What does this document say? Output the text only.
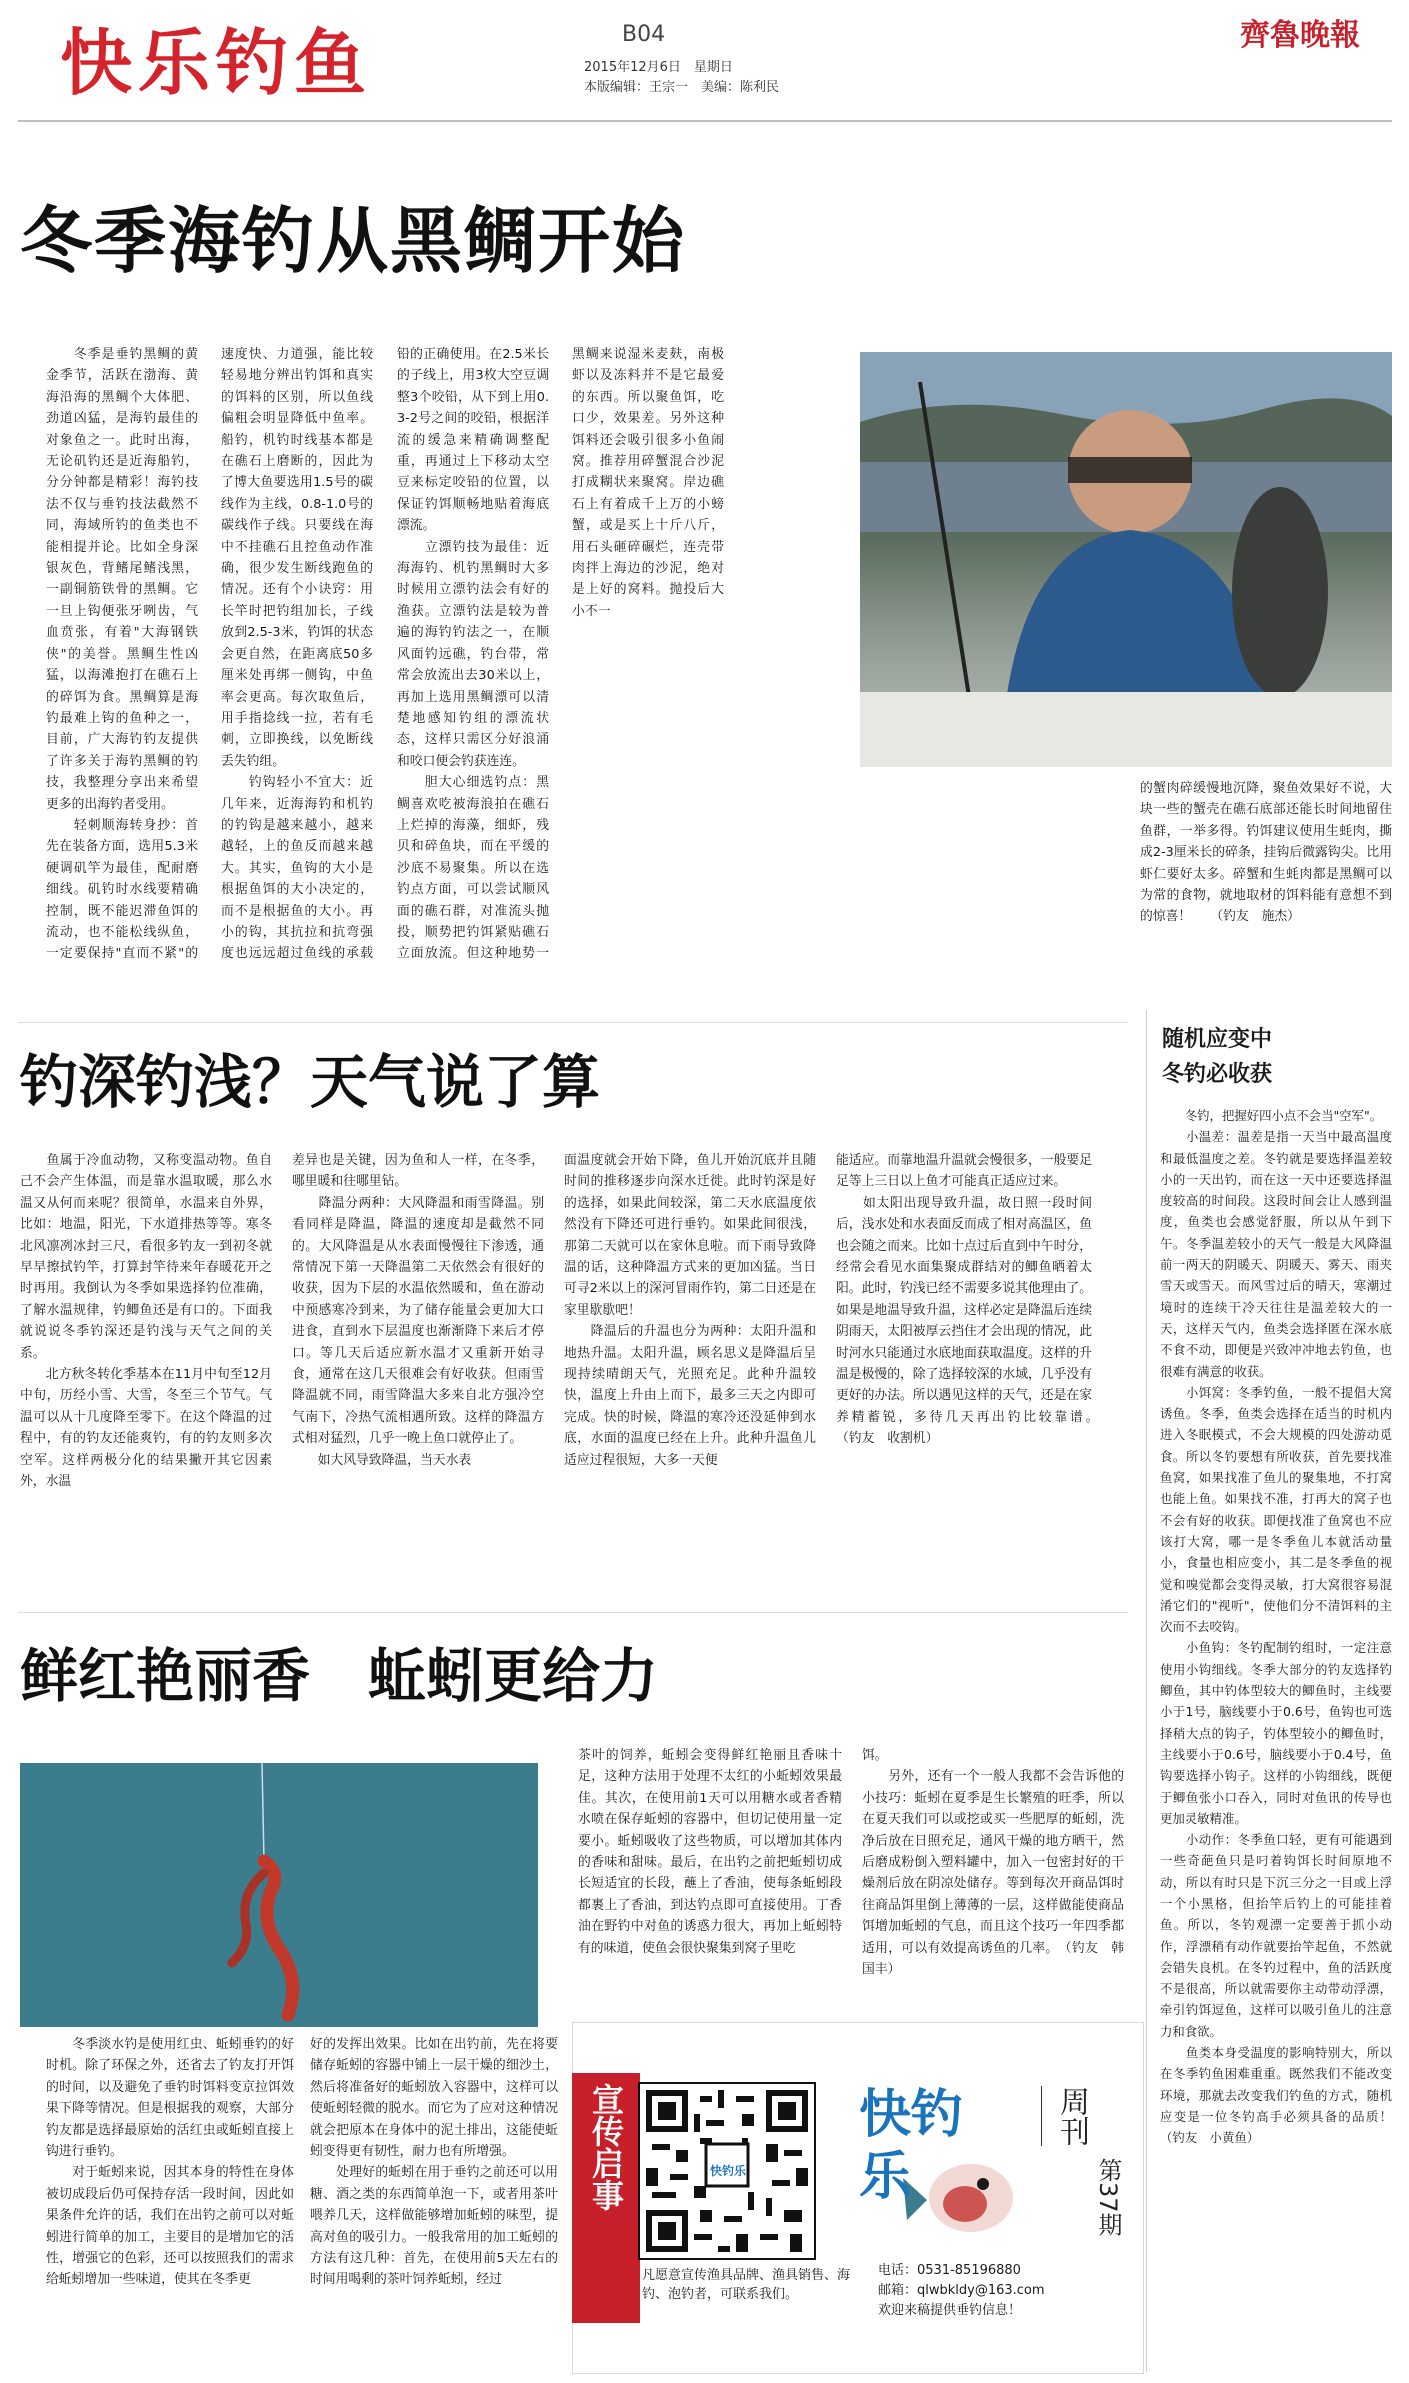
快乐钓鱼	B04
2015年12月6日　星期日
本版编辑：王宗一　美编：陈利民
齊魯晚報
冬季海钓从黑鲷开始
　　冬季是垂钓黑鲷的黄金季节，活跃在渤海、黄海沿海的黑鲷个大体肥、劲道凶猛，是海钓最佳的对象鱼之一。此时出海，无论矶钓还是近海船钓，分分钟都是精彩！海钓技法不仅与垂钓技法截然不同，海域所钓的鱼类也不能相提并论。比如全身深银灰色，背鳍尾鳍浅黑，一副铜筋铁骨的黑鲷。它一旦上钩便张牙咧齿，气血贲张，有着"大海钢铁侠"的美誉。黑鲷生性凶猛，以海滩抱打在礁石上的碎饵为食。黑鲷算是海钓最难上钩的鱼种之一，目前，广大海钓钓友提供了许多关于海钓黑鲷的钓技，我整理分享出来希望更多的出海钓者受用。
　　轻刺顺海转身抄：首先在装备方面，选用5.3米硬调矶竿为最佳，配耐磨细线。矶钓时水线要精确控制，既不能迟滞鱼饵的流动，也不能松线纵鱼，一定要保持"直而不紧"的

速度快、力道强，能比较轻易地分辨出钓饵和真实的饵料的区别，所以鱼线偏粗会明显降低中鱼率。船钓，机钓时线基本都是在礁石上磨断的，因此为了博大鱼要选用1.5号的碳线作为主线，0.8-1.0号的碳线作子线。只要线在海中不挂礁石且控鱼动作准确，很少发生断线跑鱼的情况。还有个小诀窍：用长竿时把钓组加长，子线放到2.5-3米，钓饵的状态会更自然，在距离底50多厘米处再绑一侧钩，中鱼率会更高。每次取鱼后，用手指捻线一拉，若有毛刺，立即换线，以免断线丢失钓组。
　　钓钩轻小不宜大：近几年来，近海海钓和机钓的钓钩是越来越小，越来越轻，上的鱼反而越来越大。其实，鱼钩的大小是根据鱼饵的大小决定的，而不是根据鱼的大小。再小的钩，其抗拉和抗弯强度也远远超过鱼线的承载

铅的正确使用。在2.5米长的子线上，用3枚大空豆调整3个咬铅，从下到上用0.3-2号之间的咬铅，根据洋流的缓急来精确调整配重，再通过上下移动太空豆来标定咬铅的位置，以保证钓饵顺畅地贴着海底漂流。
　　立漂钓技为最佳：近海海钓、机钓黑鲷时大多时候用立漂钓法会有好的渔获。立漂钓法是较为普遍的海钓钓法之一，在顺风面钓远礁，钓台带，常常会放流出去30米以上，再加上选用黑鲷漂可以清楚地感知钓组的漂流状态，这样只需区分好浪涌和咬口便会钓获连连。
　　胆大心细选钓点：黑鲷喜欢吃被海浪拍在礁石上烂掉的海藻，细虾，残贝和碎鱼块，而在平缓的沙底不易聚集。所以在选钓点方面，可以尝试顺风面的礁石群，对准流头抛投，顺势把钓饵紧贴礁石立面放流。但这种地势一

黑鲷来说湿米麦麸，南极虾以及冻料并不是它最爱的东西。所以聚鱼饵，吃口少，效果差。另外这种饵料还会吸引很多小鱼闹窝。推荐用碎蟹混合沙泥打成糊状来聚窝。岸边礁石上有着成千上万的小螃蟹，或是买上十斤八斤，用石头砸碎碾烂，连壳带肉拌上海边的沙泥，绝对是上好的窝料。抛投后大小不一
的蟹肉碎缓慢地沉降，聚鱼效果好不说，大块一些的蟹壳在礁石底部还能长时间地留住鱼群，一举多得。钓饵建议使用生蚝肉，撕成2-3厘米长的碎条，挂钩后微露钩尖。比用虾仁要好太多。碎蟹和生蚝肉都是黑鲷可以为常的食物，就地取材的饵料能有意想不到的惊喜！　　（钓友　施杰）
钓深钓浅？天气说了算
　　鱼属于冷血动物，又称变温动物。鱼自己不会产生体温，而是靠水温取暖，那么水温又从何而来呢？很简单，水温来自外界，比如：地温，阳光，下水道排热等等。寒冬北风凛冽冰封三尺，看很多钓友一到初冬就早早擦拭钓竿，打算封竿待来年春暖花开之时再用。我倒认为冬季如果选择钓位准确，了解水温规律，钓鲫鱼还是有口的。下面我就说说冬季钓深还是钓浅与天气之间的关系。
　　北方秋冬转化季基本在11月中旬至12月中旬，历经小雪、大雪，冬至三个节气。气温可以从十几度降至零下。在这个降温的过程中，有的钓友还能爽钓，有的钓友则多次空军。这样两极分化的结果撇开其它因素外，水温
差异也是关键，因为鱼和人一样，在冬季，哪里暖和往哪里钻。
　　降温分两种：大风降温和雨雪降温。别看同样是降温，降温的速度却是截然不同的。大风降温是从水表面慢慢往下渗透，通常情况下第一天降温第二天依然会有很好的收获，因为下层的水温依然暖和，鱼在游动中预感寒冷到来，为了储存能量会更加大口进食，直到水下层温度也渐渐降下来后才停口。等几天后适应新水温才又重新开始寻食，通常在这几天很难会有好收获。但雨雪降温就不同，雨雪降温大多来自北方强冷空气南下，冷热气流相遇所致。这样的降温方式相对猛烈，几乎一晚上鱼口就停止了。
　　如大风导致降温，当天水表
面温度就会开始下降，鱼儿开始沉底并且随时间的推移逐步向深水迁徙。此时钓深是好的选择，如果此间较深，第二天水底温度依然没有下降还可进行垂钓。如果此间很浅，那第二天就可以在家休息啦。而下雨导致降温的话，这种降温方式来的更加凶猛。当日可寻2米以上的深河冒雨作钓，第二日还是在家里歇歇吧！
　　降温后的升温也分为两种：太阳升温和地热升温。太阳升温，顾名思义是降温后呈现持续晴朗天气，光照充足。此种升温较快，温度上升由上而下，最多三天之内即可完成。快的时候，降温的寒冷还没延伸到水底，水面的温度已经在上升。此种升温鱼儿适应过程很短，大多一天便
能适应。而靠地温升温就会慢很多，一般要足足等上三日以上鱼才可能真正适应过来。
　　如太阳出现导致升温，故日照一段时间后，浅水处和水表面反而成了相对高温区，鱼也会随之而来。比如十点过后直到中午时分，经常会看见水面集聚成群结对的鲫鱼晒着太阳。此时，钓浅已经不需要多说其他理由了。如果是地温导致升温，这样必定是降温后连续阴雨天，太阳被厚云挡住才会出现的情况，此时河水只能通过水底地面获取温度。这样的升温是极慢的，除了选择较深的水域，几乎没有更好的办法。所以遇见这样的天气，还是在家养精蓄锐，多待几天再出钓比较靠谱。　　　　（钓友　收割机）
鲜红艳丽香　蚯蚓更给力
茶叶的饲养，蚯蚓会变得鲜红艳丽且香味十足，这种方法用于处理不太红的小蚯蚓效果最佳。其次，在使用前1天可以用糖水或者香精水喷在保存蚯蚓的容器中，但切记使用量一定要小。蚯蚓吸收了这些物质，可以增加其体内的香味和甜味。最后，在出钓之前把蚯蚓切成长短适宜的长段，蘸上了香油，使每条蚯蚓段都裹上了香油，到达钓点即可直接使用。丁香油在野钓中对鱼的诱惑力很大，再加上蚯蚓特有的味道，使鱼会很快聚集到窝子里吃
饵。
　　另外，还有一个一般人我都不会告诉他的小技巧：蚯蚓在夏季是生长繁殖的旺季，所以在夏天我们可以或挖或买一些肥厚的蚯蚓，洗净后放在日照充足，通风干燥的地方晒干，然后磨成粉倒入塑料罐中，加入一包密封好的干燥剂后放在阴凉处储存。等到每次开商品饵时往商品饵里倒上薄薄的一层，这样做能使商品饵增加蚯蚓的气息，而且这个技巧一年四季都适用，可以有效提高诱鱼的几率。　（钓友　韩国丰）
　　冬季淡水钓是使用红虫、蚯蚓垂钓的好时机。除了环保之外，还省去了钓友打开饵的时间，以及避免了垂钓时饵料变京拉饵效果下降等情况。但是根据我的观察，大部分钓友都是选择最原始的活红虫或蚯蚓直接上钩进行垂钓。
　　对于蚯蚓来说，因其本身的特性在身体被切成段后仍可保持存活一段时间，因此如果条件允许的话，我们在出钓之前可以对蚯蚓进行简单的加工，主要目的是增加它的活性，增强它的色彩，还可以按照我们的需求给蚯蚓增加一些味道，使其在冬季更
好的发挥出效果。比如在出钓前，先在将要储存蚯蚓的容器中铺上一层干燥的细沙土，然后将准备好的蚯蚓放入容器中，这样可以使蚯蚓轻微的脱水。而它为了应对这种情况就会把原本在身体中的泥土排出，这能使蚯蚓变得更有韧性，耐力也有所增强。
　　处理好的蚯蚓在用于垂钓之前还可以用糖、酒之类的东西简单泡一下，或者用茶叶喂养几天，这样做能够增加蚯蚓的味型，提高对鱼的吸引力。一般我常用的加工蚯蚓的方法有这几种：首先，在使用前5天左右的时间用喝剩的茶叶饲养蚯蚓，经过
宣传启事	快钓乐
凡愿意宣传渔具品牌、渔具销售、海钓、泡钓者，可联系我们。
快钓乐
周刊
第37期
电话：0531-85196880
邮箱：qlwbkldy@163.com
欢迎来稿提供垂钓信息！
随机应变中
冬钓必收获
　　冬钓，把握好四小点不会当"空军"。
　　小温差：温差是指一天当中最高温度和最低温度之差。冬钓就是要选择温差较小的一天出钓，而在这一天中还要选择温度较高的时间段。这段时间会让人感到温度，鱼类也会感觉舒服，所以从午到下午。冬季温差较小的天气一般是大风降温前一两天的阴暖天、阴暖天、雾天、雨夹雪天或雪天。而风雪过后的晴天，寒潮过境时的连续干冷天往往是温差较大的一天，这样天气内，鱼类会选择匿在深水底不食不动，即便是兴致冲冲地去钓鱼，也很难有满意的收获。
　　小饵窝：冬季钓鱼，一般不提倡大窝诱鱼。冬季，鱼类会选择在适当的时机内进入冬眠模式，不会大规模的四处游动觅食。所以冬钓要想有所收获，首先要找准鱼窝，如果找准了鱼儿的聚集地，不打窝也能上鱼。如果找不准，打再大的窝子也不会有好的收获。即便找准了鱼窝也不应该打大窝，哪一是冬季鱼儿本就活动量小，食量也相应变小，其二是冬季鱼的视觉和嗅觉都会变得灵敏，打大窝很容易混淆它们的"视听"，使他们分不清饵料的主次而不去咬钩。
　　小鱼钩：冬钓配制钓组时，一定注意使用小钩细线。冬季大部分的钓友选择钓鲫鱼，其中钓体型较大的鲫鱼时，主线要小于1号，脑线要小于0.6号，鱼钩也可选择稍大点的钩子，钓体型较小的鲫鱼时，主线要小于0.6号，脑线要小于0.4号，鱼钩要选择小钩子。这样的小钩细线，既便于鲫鱼张小口吞入，同时对鱼讯的传导也更加灵敏精准。
　　小动作：冬季鱼口轻，更有可能遇到一些奇葩鱼只是叼着钩饵长时间原地不动，所以有时只是下沉三分之一目或上浮一个小黑格，但抬竿后钓上的可能挂着鱼。所以，冬钓观漂一定要善于抓小动作，浮漂稍有动作就要抬竿起鱼，不然就会错失良机。在冬钓过程中，鱼的活跃度不是很高，所以就需要你主动带动浮漂，牵引钓饵逗鱼，这样可以吸引鱼儿的注意力和食欲。
　　鱼类本身受温度的影响特别大，所以在冬季钓鱼困难重重。既然我们不能改变环境，那就去改变我们钓鱼的方式，随机应变是一位冬钓高手必须具备的品质！　　（钓友　小黄鱼）
